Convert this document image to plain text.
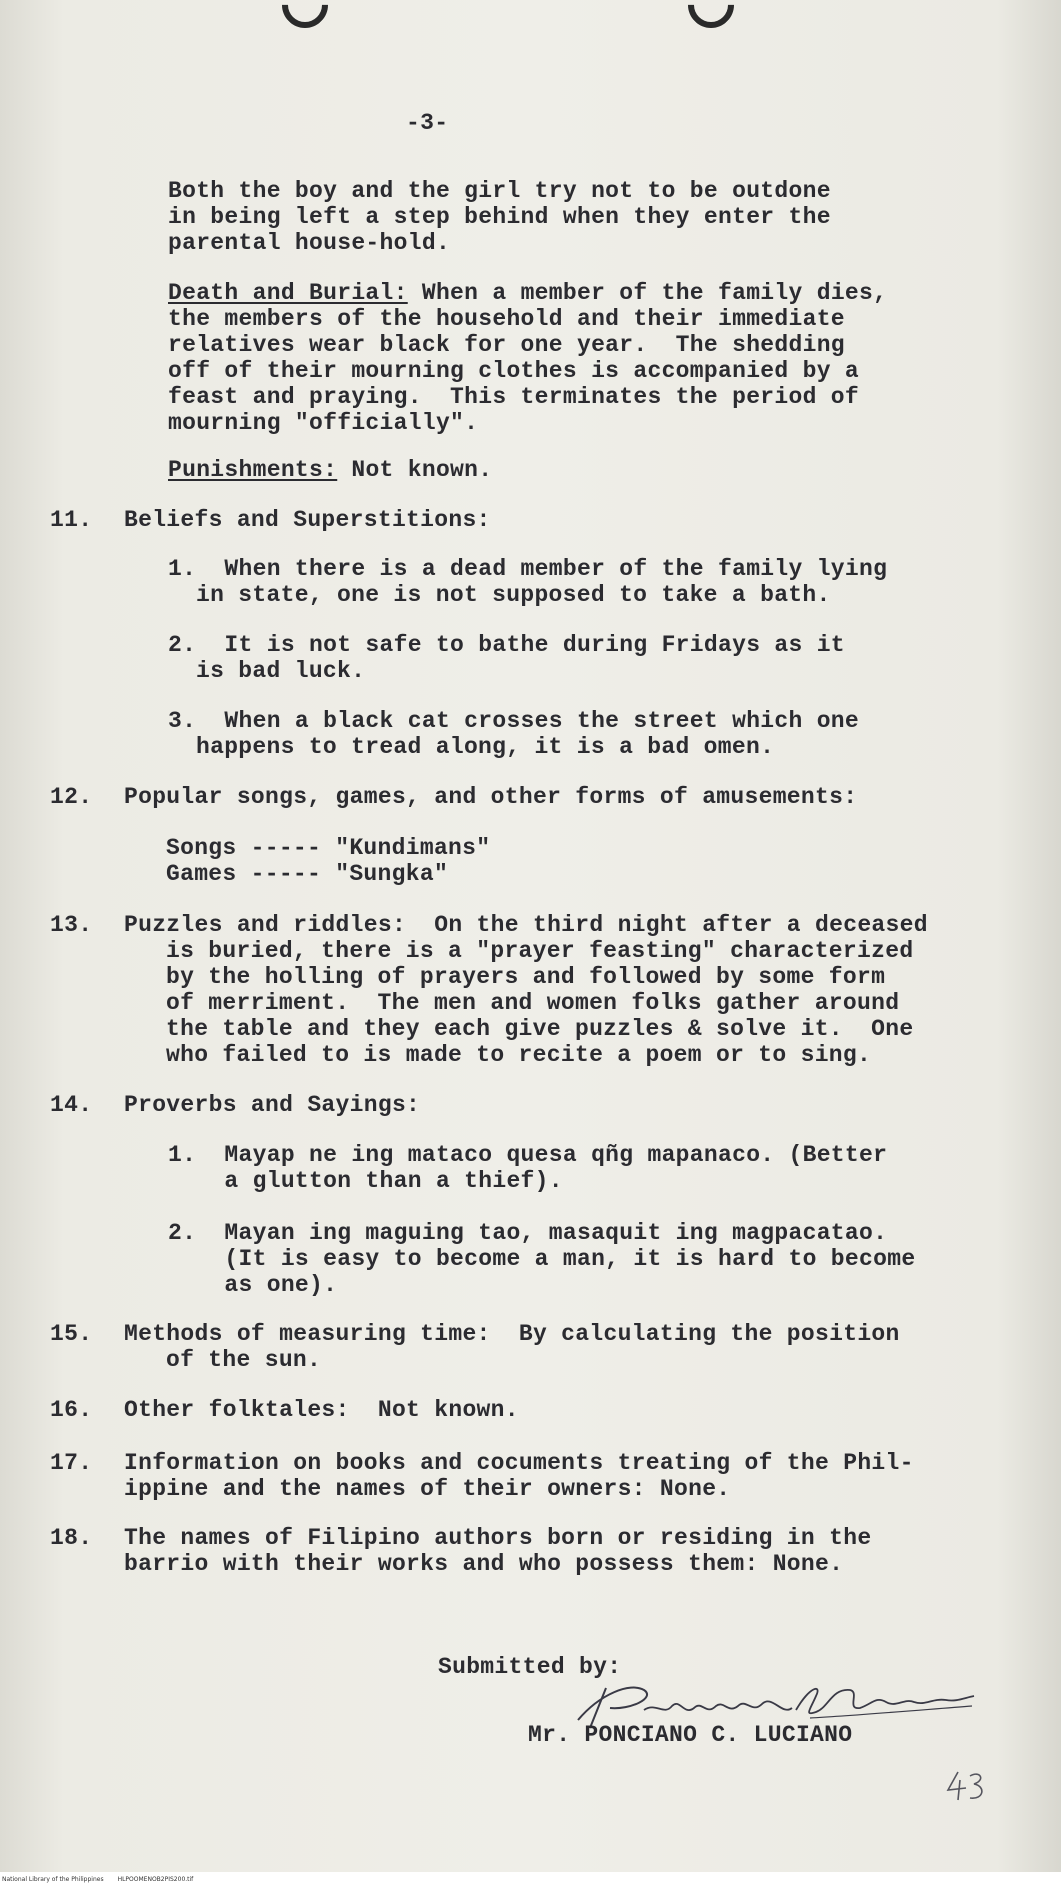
-3-
Both the boy and the girl try not to be outdone
in being left a step behind when they enter the
parental house-hold.
Death and Burial: When a member of the family dies,
the members of the household and their immediate
relatives wear black for one year.  The shedding
off of their mourning clothes is accompanied by a
feast and praying.  This terminates the period of
mourning "officially".
Punishments: Not known.
11. Beliefs and Superstitions:
1.  When there is a dead member of the family lying
in state, one is not supposed to take a bath.
2.  It is not safe to bathe during Fridays as it
is bad luck.
3.  When a black cat crosses the street which one
happens to tread along, it is a bad omen.
12. Popular songs, games, and other forms of amusements:
Songs ----- "Kundimans"
Games ----- "Sungka"
13. Puzzles and riddles:  On the third night after a deceased
is buried, there is a "prayer feasting" characterized
by the holling of prayers and followed by some form
of merriment.  The men and women folks gather around
the table and they each give puzzles & solve it.  One
who failed to is made to recite a poem or to sing.
14. Proverbs and Sayings:
1.  Mayap ne ing mataco quesa qñg mapanaco. (Better
a glutton than a thief).
2.  Mayan ing maguing tao, masaquit ing magpacatao.
(It is easy to become a man, it is hard to become
as one).
15. Methods of measuring time:  By calculating the position
of the sun.
16. Other folktales:  Not known.
17. Information on books and cocuments treating of the Phil-
ippine and the names of their owners: None.
18. The names of Filipino authors born or residing in the
barrio with their works and who possess them: None.
Submitted by:
Mr. PONCIANO C. LUCIANO
National Library of the Philippines HLPOOMENOB2PIS200.tif
